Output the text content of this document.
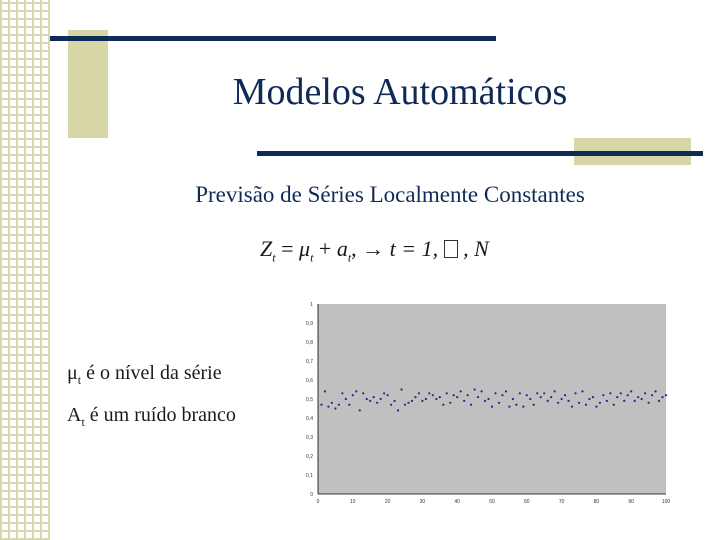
Modelos Automáticos
Previsão de Séries Localmente Constantes
$Z_t = \mu_t + a_t$, → t = 1, , N
$\mu_t$ é o nível da série
$A_t$ é um ruído branco
0
0,1
0,2
0,3
0,4
0,5
0,6
0,7
0,8
0,9
1
0	10	20	30	40	50	60	70	80	90	100
